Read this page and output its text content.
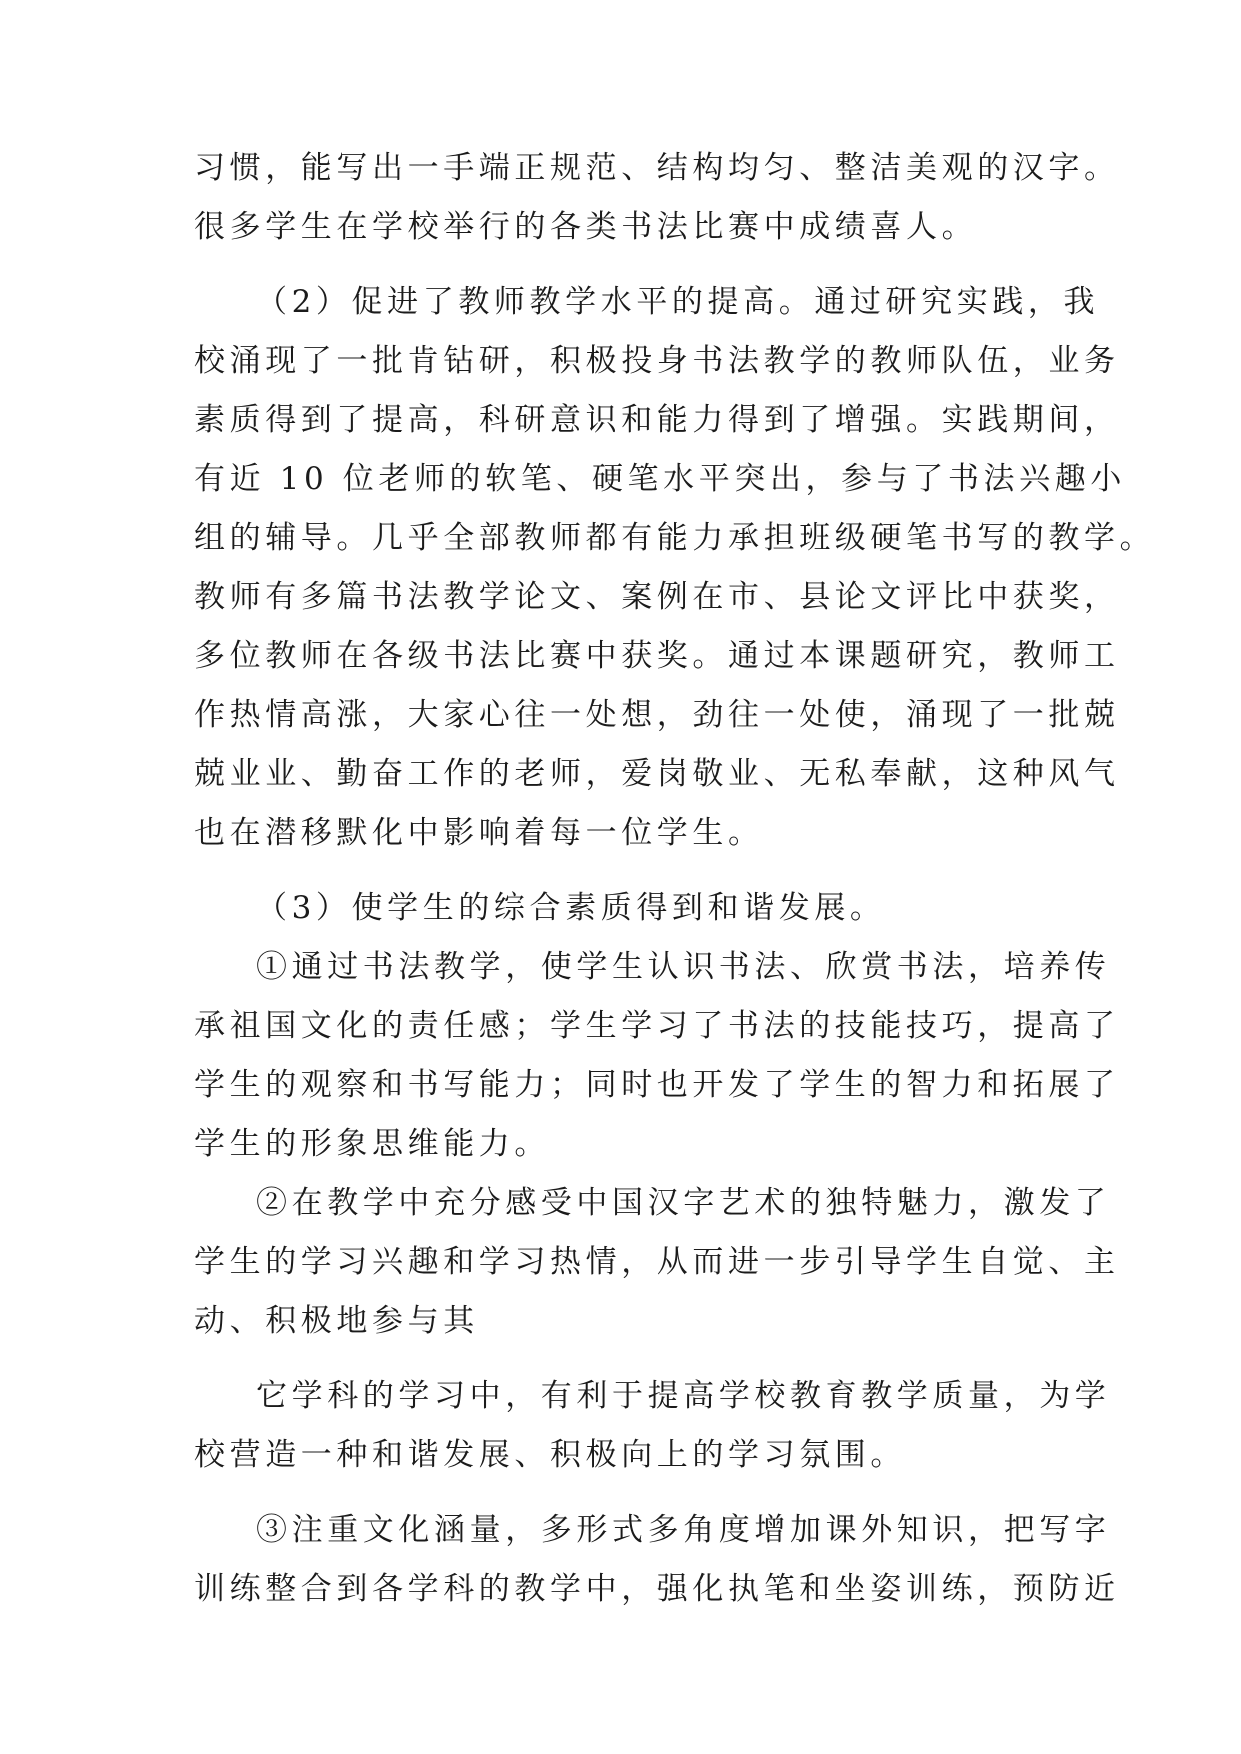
习惯，能写出一手端正规范、结构均匀、整洁美观的汉字。

很多学生在学校举行的各类书法比赛中成绩喜人。

（2）促进了教师教学水平的提高。通过研究实践，我

校涌现了一批肯钻研，积极投身书法教学的教师队伍，业务

素质得到了提高，科研意识和能力得到了增强。实践期间，

有近 10 位老师的软笔、硬笔水平突出，参与了书法兴趣小

组的辅导。几乎全部教师都有能力承担班级硬笔书写的教学。

教师有多篇书法教学论文、案例在市、县论文评比中获奖，

多位教师在各级书法比赛中获奖。通过本课题研究，教师工

作热情高涨，大家心往一处想，劲往一处使，涌现了一批兢

兢业业、勤奋工作的老师，爱岗敬业、无私奉献，这种风气

也在潜移默化中影响着每一位学生。

（3）使学生的综合素质得到和谐发展。

①通过书法教学，使学生认识书法、欣赏书法，培养传

承祖国文化的责任感；学生学习了书法的技能技巧，提高了

学生的观察和书写能力；同时也开发了学生的智力和拓展了

学生的形象思维能力。

②在教学中充分感受中国汉字艺术的独特魅力，激发了

学生的学习兴趣和学习热情，从而进一步引导学生自觉、主

动、积极地参与其

它学科的学习中，有利于提高学校教育教学质量，为学

校营造一种和谐发展、积极向上的学习氛围。

③注重文化涵量，多形式多角度增加课外知识，把写字

训练整合到各学科的教学中，强化执笔和坐姿训练，预防近
